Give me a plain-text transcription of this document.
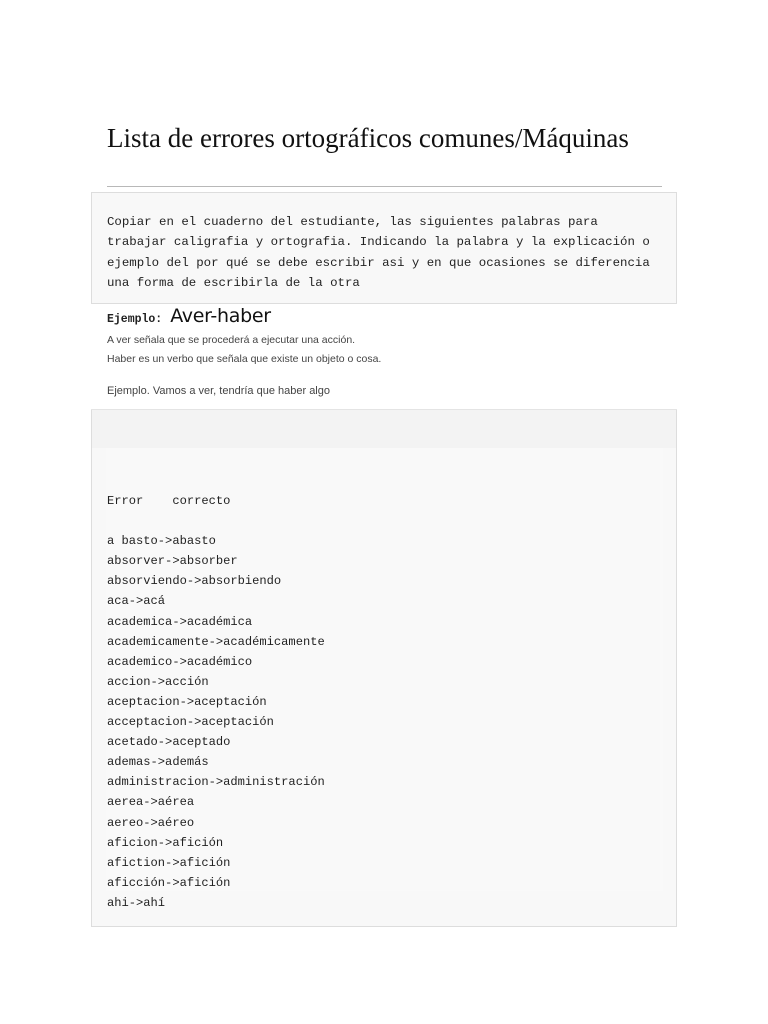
Lista de errores ortográficos comunes/Máquinas

Copiar en el cuaderno del estudiante, las siguientes palabras para
trabajar caligrafia y ortografia. Indicando la palabra y la explicación o
ejemplo del por qué se debe escribir asi y en que ocasiones se diferencia
una forma de escribirla de la otra

Ejemplo: Aver-haber

A ver señala que se procederá a ejecutar una acción.

Haber es un verbo que señala que existe un objeto o cosa.

Ejemplo. Vamos a ver, tendría que haber algo

Error    correcto
a basto->abasto
absorver->absorber
absorviendo->absorbiendo
aca->acá
academica->académica
academicamente->académicamente
academico->académico
accion->acción
aceptacion->aceptación
acceptacion->aceptación
acetado->aceptado
ademas->además
administracion->administración
aerea->aérea
aereo->aéreo
aficion->afición
afiction->afición
aficción->afición
ahi->ahí
